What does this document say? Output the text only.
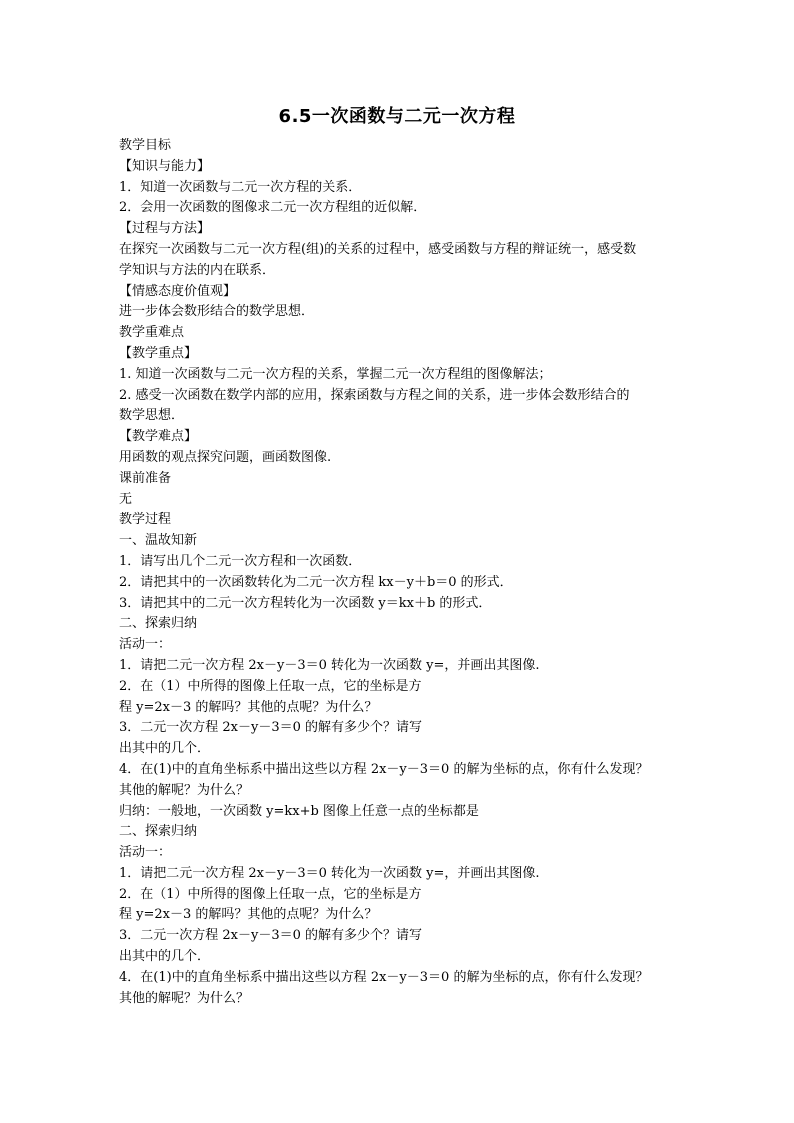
6.5一次函数与二元一次方程
教学目标
【知识与能力】
1．知道一次函数与二元一次方程的关系．
2．会用一次函数的图像求二元一次方程组的近似解．
【过程与方法】
在探究一次函数与二元一次方程(组)的关系的过程中，感受函数与方程的辩证统一，感受数
学知识与方法的内在联系．
【情感态度价值观】
进一步体会数形结合的数学思想．
教学重难点
【教学重点】
1. 知道一次函数与二元一次方程的关系，掌握二元一次方程组的图像解法；
2. 感受一次函数在数学内部的应用，探索函数与方程之间的关系，进一步体会数形结合的
数学思想．
【教学难点】
用函数的观点探究问题，画函数图像.
课前准备
无
教学过程
一、温故知新
1．请写出几个二元一次方程和一次函数．
2．请把其中的一次函数转化为二元一次方程 kx－y＋b＝0 的形式．
3．请把其中的二元一次方程转化为一次函数 y＝kx＋b 的形式．
二、探索归纳
活动一：
1．请把二元一次方程 2x－y－3＝0 转化为一次函数 y=，并画出其图像.
2．在（1）中所得的图像上任取一点，它的坐标是方
程 y=2x－3 的解吗？其他的点呢？为什么？
3．二元一次方程 2x－y－3＝0 的解有多少个？请写
出其中的几个．
4．在(1)中的直角坐标系中描出这些以方程 2x－y－3＝0 的解为坐标的点，你有什么发现？
其他的解呢？为什么？
归纳：一般地，一次函数 y=kx+b 图像上任意一点的坐标都是
二、探索归纳
活动一：
1．请把二元一次方程 2x－y－3＝0 转化为一次函数 y=，并画出其图像.
2．在（1）中所得的图像上任取一点，它的坐标是方
程 y=2x－3 的解吗？其他的点呢？为什么？
3．二元一次方程 2x－y－3＝0 的解有多少个？请写
出其中的几个．
4．在(1)中的直角坐标系中描出这些以方程 2x－y－3＝0 的解为坐标的点，你有什么发现？
其他的解呢？为什么？
